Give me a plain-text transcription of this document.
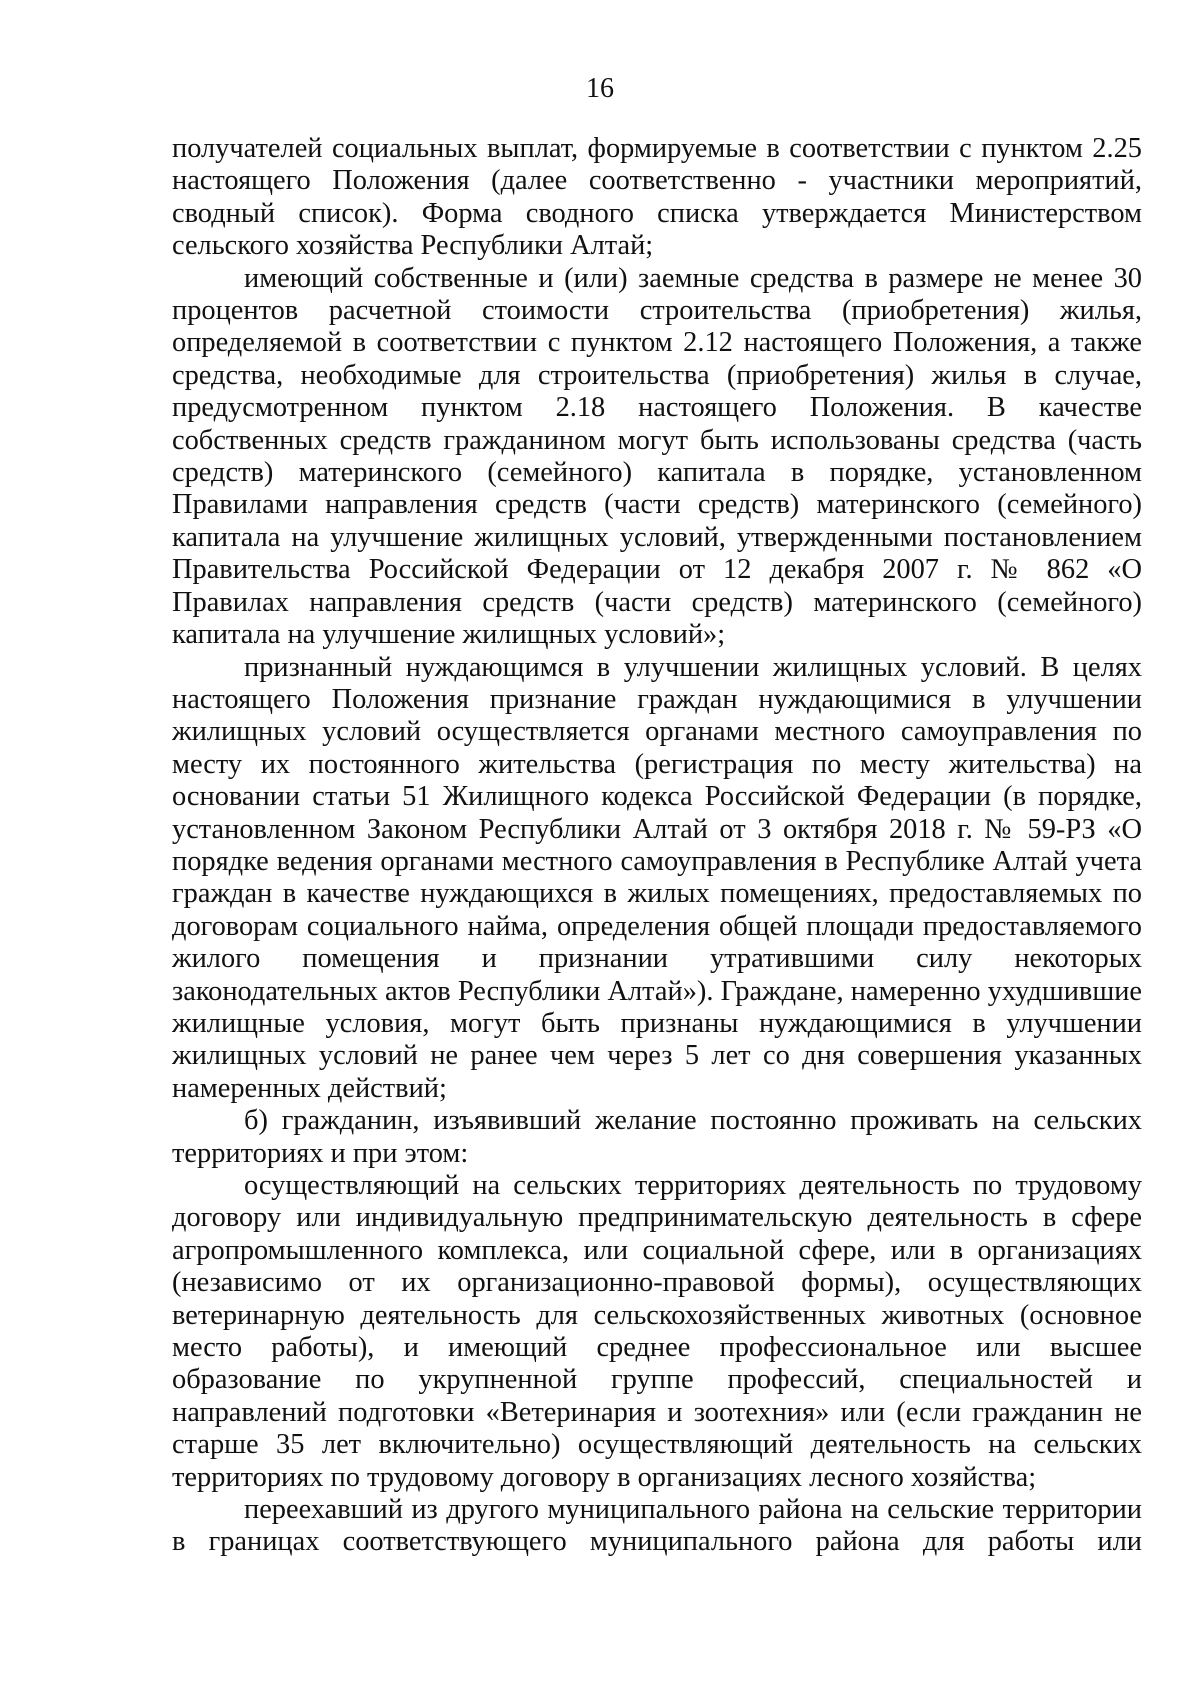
16

получателей социальных выплат, формируемые в соответствии с пунктом 2.25 настоящего Положения (далее соответственно - участники мероприятий, сводный список). Форма сводного списка утверждается Министерством сельского хозяйства Республики Алтай;

имеющий собственные и (или) заемные средства в размере не менее 30 процентов расчетной стоимости строительства (приобретения) жилья, определяемой в соответствии с пунктом 2.12 настоящего Положения, а также средства, необходимые для строительства (приобретения) жилья в случае, предусмотренном пунктом 2.18 настоящего Положения. В качестве собственных средств гражданином могут быть использованы средства (часть средств) материнского (семейного) капитала в порядке, установленном Правилами направления средств (части средств) материнского (семейного) капитала на улучшение жилищных условий, утвержденными постановлением Правительства Российской Федерации от 12 декабря 2007 г. № 862 «О Правилах направления средств (части средств) материнского (семейного) капитала на улучшение жилищных условий»;

признанный нуждающимся в улучшении жилищных условий. В целях настоящего Положения признание граждан нуждающимися в улучшении жилищных условий осуществляется органами местного самоуправления по месту их постоянного жительства (регистрация по месту жительства) на основании статьи 51 Жилищного кодекса Российской Федерации (в порядке, установленном Законом Республики Алтай от 3 октября 2018 г. № 59-РЗ «О порядке ведения органами местного самоуправления в Республике Алтай учета граждан в качестве нуждающихся в жилых помещениях, предоставляемых по договорам социального найма, определения общей площади предоставляемого жилого помещения и признании утратившими силу некоторых законодательных актов Республики Алтай»). Граждане, намеренно ухудшившие жилищные условия, могут быть признаны нуждающимися в улучшении жилищных условий не ранее чем через 5 лет со дня совершения указанных намеренных действий;

б) гражданин, изъявивший желание постоянно проживать на сельских территориях и при этом:

осуществляющий на сельских территориях деятельность по трудовому договору или индивидуальную предпринимательскую деятельность в сфере агропромышленного комплекса, или социальной сфере, или в организациях (независимо от их организационно-правовой формы), осуществляющих ветеринарную деятельность для сельскохозяйственных животных (основное место работы), и имеющий среднее профессиональное или высшее образование по укрупненной группе профессий, специальностей и направлений подготовки «Ветеринария и зоотехния» или (если гражданин не старше 35 лет включительно) осуществляющий деятельность на сельских территориях по трудовому договору в организациях лесного хозяйства;

переехавший из другого муниципального района на сельские территории в границах соответствующего муниципального района для работы или
